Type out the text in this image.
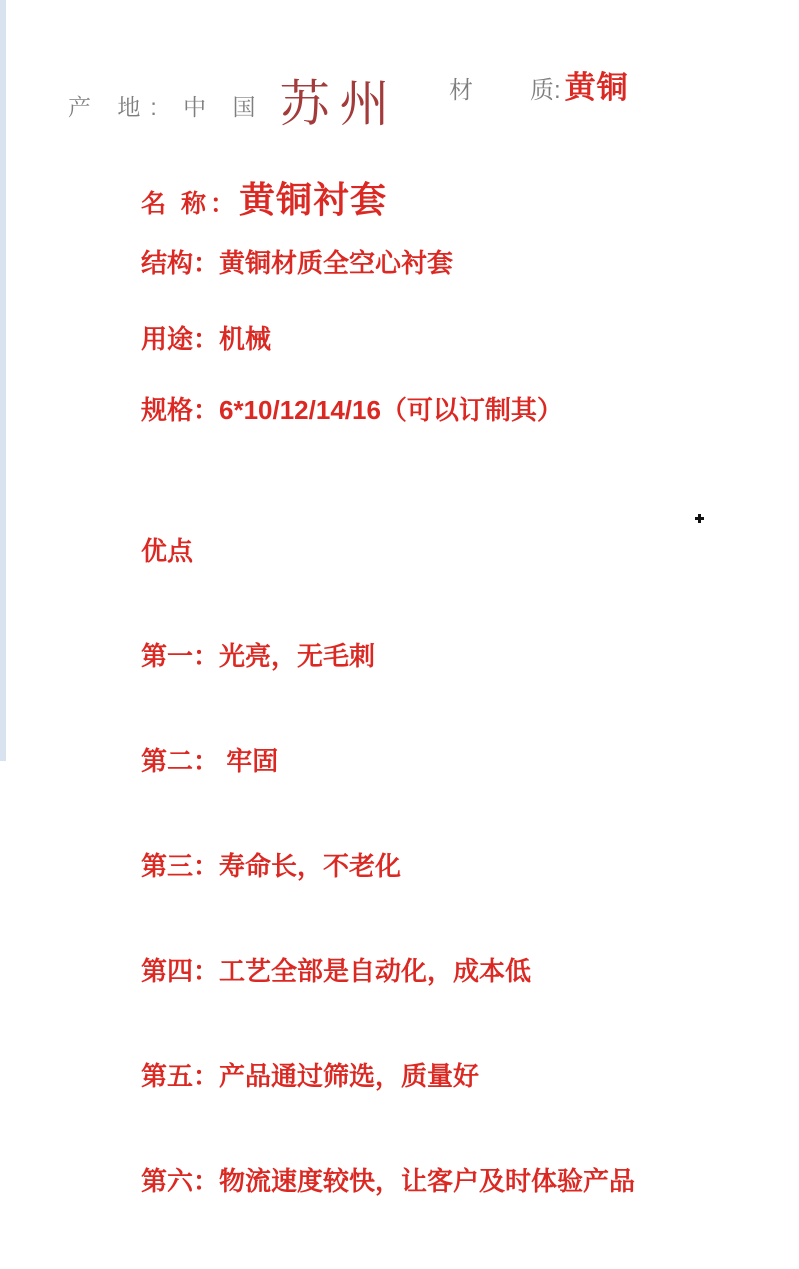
产 地: 中 国 苏州 材 质: 黄铜
名 称： 黄铜衬套
结构：黄铜材质全空心衬套
用途：机械
规格：6*10/12/14/16（可以订制其）

优点

第一：光亮，无毛刺

第二： 牢固

第三：寿命长，不老化

第四：工艺全部是自动化，成本低

第五：产品通过筛选，质量好

第六：物流速度较快，让客户及时体验产品
